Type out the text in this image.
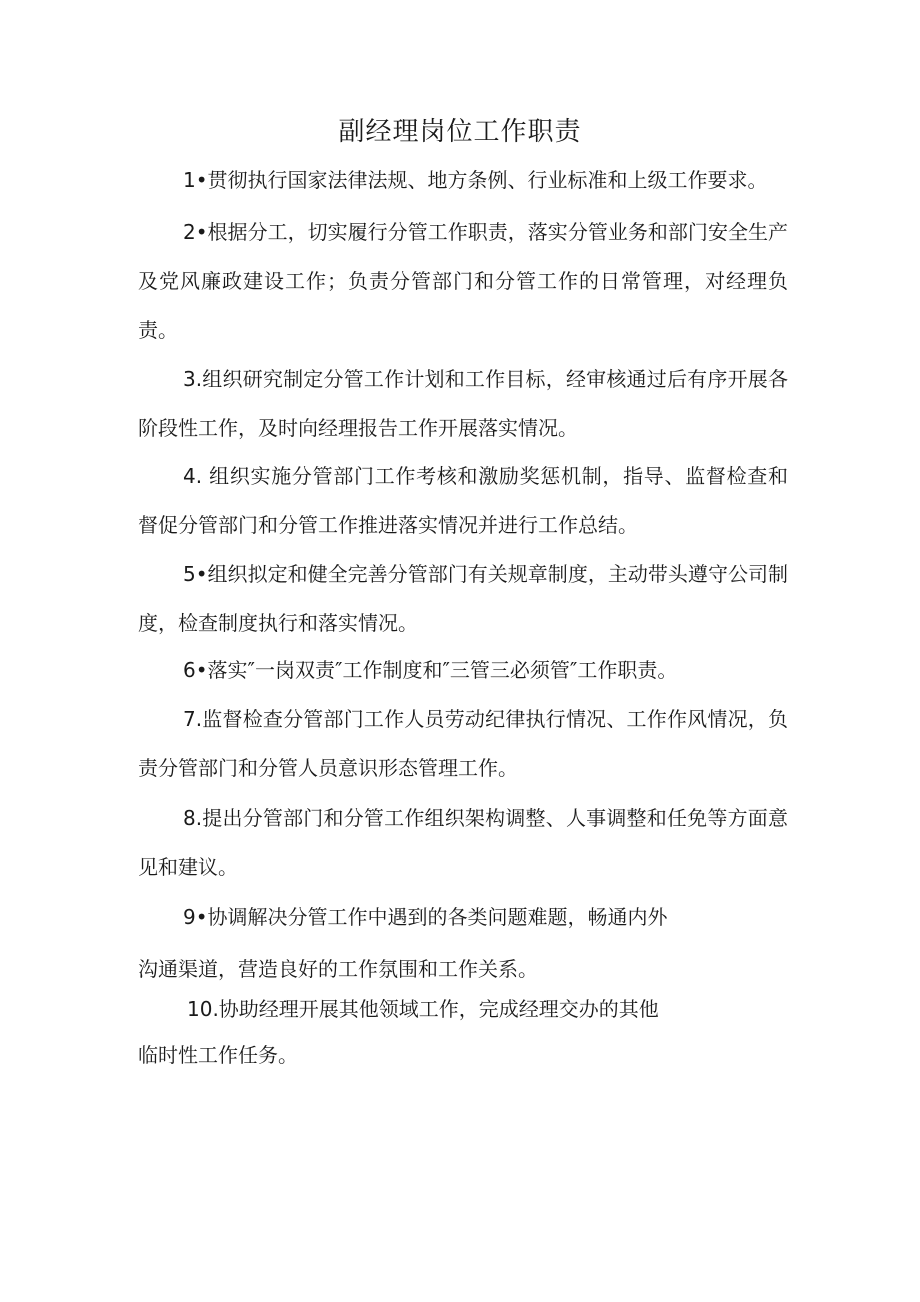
副经理岗位工作职责

1•贯彻执行国家法律法规、地方条例、行业标准和上级工作要求。

2•根据分工，切实履行分管工作职责，落实分管业务和部门安全生产及党风廉政建设工作；负责分管部门和分管工作的日常管理，对经理负责。

3.组织研究制定分管工作计划和工作目标，经审核通过后有序开展各阶段性工作，及时向经理报告工作开展落实情况。

4. 组织实施分管部门工作考核和激励奖惩机制，指导、监督检查和督促分管部门和分管工作推进落实情况并进行工作总结。

5•组织拟定和健全完善分管部门有关规章制度，主动带头遵守公司制度，检查制度执行和落实情况。

6•落实″一岗双责″工作制度和″三管三必须管″工作职责。

7.监督检查分管部门工作人员劳动纪律执行情况、工作作风情况，负责分管部门和分管人员意识形态管理工作。

8.提出分管部门和分管工作组织架构调整、人事调整和任免等方面意见和建议。

9•协调解决分管工作中遇到的各类问题难题，畅通内外

沟通渠道，营造良好的工作氛围和工作关系。

10.协助经理开展其他领域工作，完成经理交办的其他

临时性工作任务。
